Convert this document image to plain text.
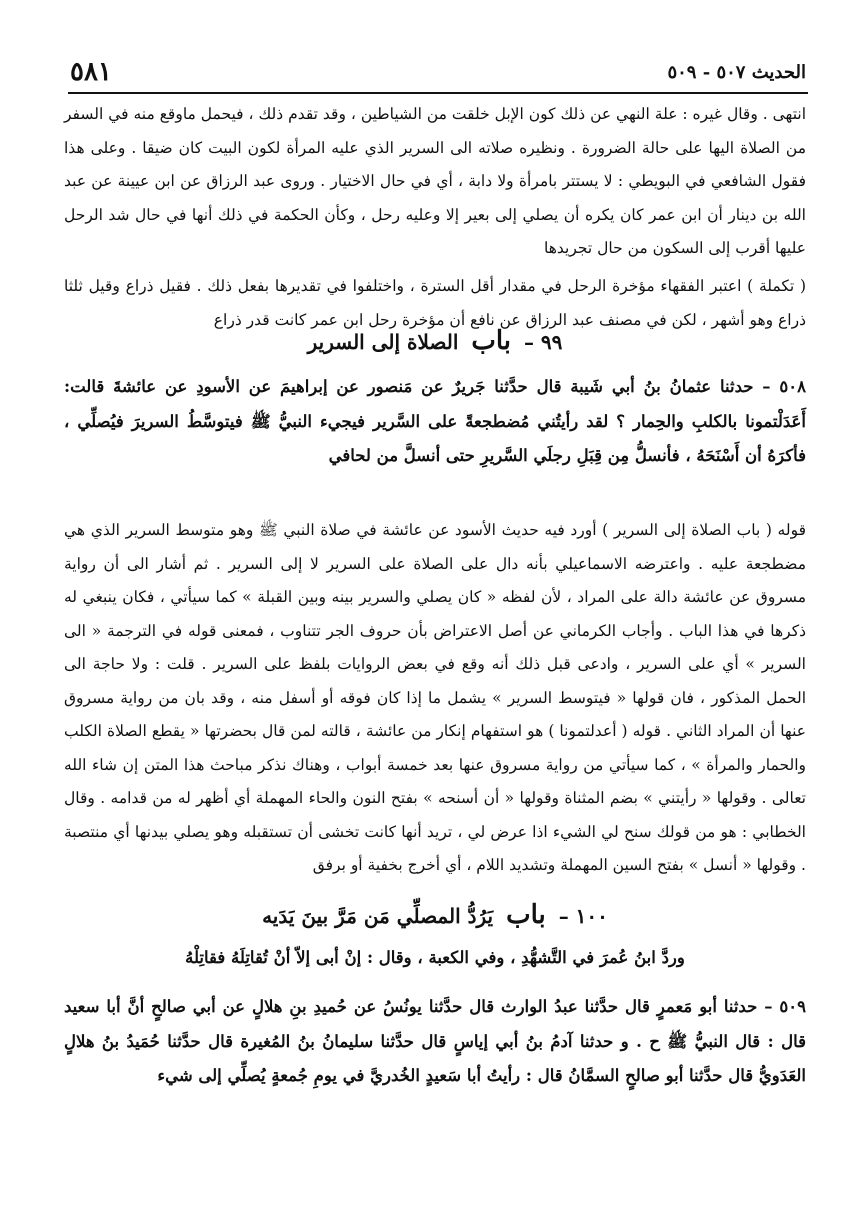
الحديث ٥٠٧ - ٥٠٩
٥٨١

انتهى . وقال غيره : علة النهي عن ذلك كون الإبل خلقت من الشياطين ، وقد تقدم ذلك ، فيحمل ماوقع منه في السفر من الصلاة اليها على حالة الضرورة . ونظيره صلاته الى السرير الذي عليه المرأة لكون البيت كان ضيقا . وعلى هذا فقول الشافعي في البويطي : لا يستتر بامرأة ولا دابة ، أي في حال الاختيار . وروى عبد الرزاق عن ابن عيينة عن عبد الله بن دينار أن ابن عمر كان يكره أن يصلي إلى بعير إلا وعليه رحل ، وكأن الحكمة في ذلك أنها في حال شد الرحل عليها أقرب إلى السكون من حال تجريدها

( تكملة ) اعتبر الفقهاء مؤخرة الرحل في مقدار أقل السترة ، واختلفوا في تقديرها بفعل ذلك . فقيل ذراع وقيل ثلثا ذراع وهو أشهر ، لكن في مصنف عبد الرزاق عن نافع أن مؤخرة رحل ابن عمر كانت قدر ذراع

٩٩ – باب الصلاة إلى السرير

٥٠٨ – حدثنا عثمانُ بنُ أبي شَيبة قال حدَّثنا جَريرٌ عن مَنصور عن إبراهيمَ عن الأسودِ عن عائشةَ قالت: أَعَدَلْتمونا بالكلبِ والحِمار ؟ لقد رأيتُني مُضطجعةً على السَّرير فيجيء النبيُّ ﷺ فيتوسَّطُ السريرَ فيُصلِّي ، فأكرَهُ أن أَسْنَحَهُ ، فأنسلُّ مِن قِبَلِ رجلَي السَّريرِ حتى أنسلَّ من لحافي

قوله ( باب الصلاة إلى السرير ) أورد فيه حديث الأسود عن عائشة في صلاة النبي ﷺ وهو متوسط السرير الذي هي مضطجعة عليه . واعترضه الاسماعيلي بأنه دال على الصلاة على السرير لا إلى السرير . ثم أشار الى أن رواية مسروق عن عائشة دالة على المراد ، لأن لفظه « كان يصلي والسرير بينه وبين القبلة » كما سيأتي ، فكان ينبغي له ذكرها في هذا الباب . وأجاب الكرماني عن أصل الاعتراض بأن حروف الجر تتناوب ، فمعنى قوله في الترجمة « الى السرير » أي على السرير ، وادعى قبل ذلك أنه وقع في بعض الروايات بلفظ على السرير . قلت : ولا حاجة الى الحمل المذكور ، فان قولها « فيتوسط السرير » يشمل ما إذا كان فوقه أو أسفل منه ، وقد بان من رواية مسروق عنها أن المراد الثاني . قوله ( أعدلتمونا ) هو استفهام إنكار من عائشة ، قالته لمن قال بحضرتها « يقطع الصلاة الكلب والحمار والمرأة » ، كما سيأتي من رواية مسروق عنها بعد خمسة أبواب ، وهناك نذكر مباحث هذا المتن إن شاء الله تعالى . وقولها « رأيتني » بضم المثناة وقولها « أن أسنحه » بفتح النون والحاء المهملة أي أظهر له من قدامه . وقال الخطابي : هو من قولك سنح لي الشيء اذا عرض لي ، تريد أنها كانت تخشى أن تستقبله وهو يصلي بيدنها أي منتصبة . وقولها « أنسل » بفتح السين المهملة وتشديد اللام ، أي أخرج بخفية أو برفق

١٠٠ – باب يَرُدُّ المصلِّي مَن مَرَّ بينَ يَدَيه
وردَّ ابنُ عُمرَ في التَّشهُّدِ ، وفي الكعبة ، وقال : إنْ أبى إلاّ أنْ تُقاتِلَهُ فقاتِلْهُ

٥٠٩ – حدثنا أبو مَعمرٍ قال حدَّثنا عبدُ الوارث قال حدَّثنا يونُسُ عن حُميدِ بنِ هلالٍ عن أبي صالحٍ أنَّ أبا سعيد قال : قال النبيُّ ﷺ ح . و حدثنا آدمُ بنُ أبي إياسٍ قال حدَّثنا سليمانُ بنُ المُغيرة قال حدَّثنا حُمَيدُ بنُ هلالٍ العَدَويُّ قال حدَّثنا أبو صالحٍ السمَّانُ قال : رأيتُ أبا سَعيدٍ الخُدريَّ في يومِ جُمعةٍ يُصلِّي إلى شيء
